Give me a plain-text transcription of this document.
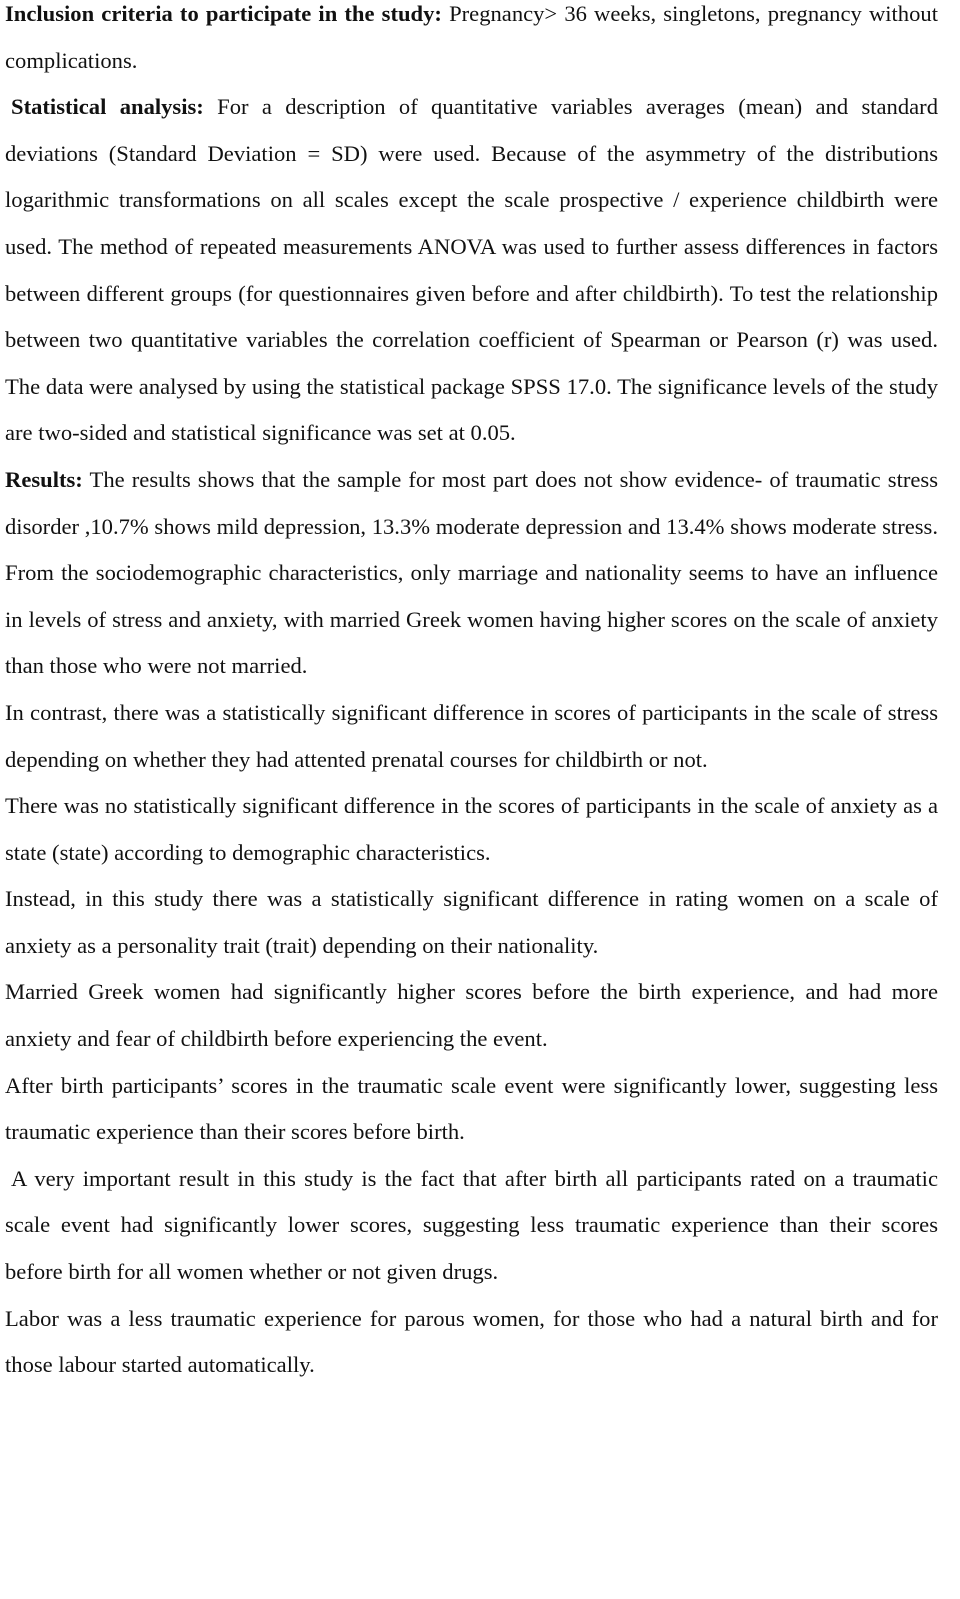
Inclusion criteria to participate in the study: Pregnancy> 36 weeks, singletons, pregnancy without complications.

Statistical analysis: For a description of quantitative variables averages (mean) and standard deviations (Standard Deviation = SD) were used. Because of the asymmetry of the distributions logarithmic transformations on all scales except the scale prospective / experience childbirth were used. The method of repeated measurements ANOVA was used to further assess differences in factors between different groups (for questionnaires given before and after childbirth). To test the relationship between two quantitative variables the correlation coefficient of Spearman or Pearson (r) was used. The data were analysed by using the statistical package SPSS 17.0. The significance levels of the study are two-sided and statistical significance was set at 0.05.

Results: The results shows that the sample for most part does not show evidence- of traumatic stress disorder ,10.7% shows mild depression, 13.3% moderate depression and 13.4% shows moderate stress. From the sociodemographic characteristics, only marriage and nationality seems to have an influence in levels of stress and anxiety, with married Greek women having higher scores on the scale of anxiety than those who were not married.

In contrast, there was a statistically significant difference in scores of participants in the scale of stress depending on whether they had attented prenatal courses for childbirth or not.

There was no statistically significant difference in the scores of participants in the scale of anxiety as a state (state) according to demographic characteristics.

Instead, in this study there was a statistically significant difference in rating women on a scale of anxiety as a personality trait (trait) depending on their nationality.

Married Greek women had significantly higher scores before the birth experience, and had more anxiety and fear of childbirth before experiencing the event.

After birth participants’ scores in the traumatic scale event were significantly lower, suggesting less traumatic experience than their scores before birth.

A very important result in this study is the fact that after birth all participants rated on a traumatic scale event had significantly lower scores, suggesting less traumatic experience than their scores before birth for all women whether or not given drugs.

Labor was a less traumatic experience for parous women, for those who had a natural birth and for those labour started automatically.
